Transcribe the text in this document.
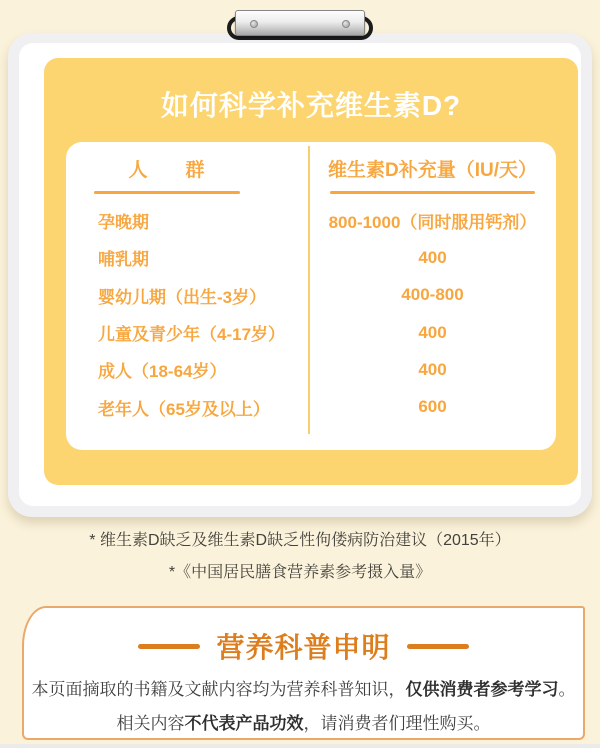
如何科学补充维生素D?
人　　群	维生素D补充量（IU/天）
孕晚期	800-1000（同时服用钙剂）
哺乳期	400
婴幼儿期（出生-3岁）	400-800
儿童及青少年（4-17岁）	400
成人（18-64岁）	400
老年人（65岁及以上）	600
* 维生素D缺乏及维生素D缺乏性佝偻病防治建议（2015年）
*《中国居民膳食营养素参考摄入量》
营养科普申明
本页面摘取的书籍及文献内容均为营养科普知识，仅供消费者参考学习。
相关内容不代表产品功效，请消费者们理性购买。
